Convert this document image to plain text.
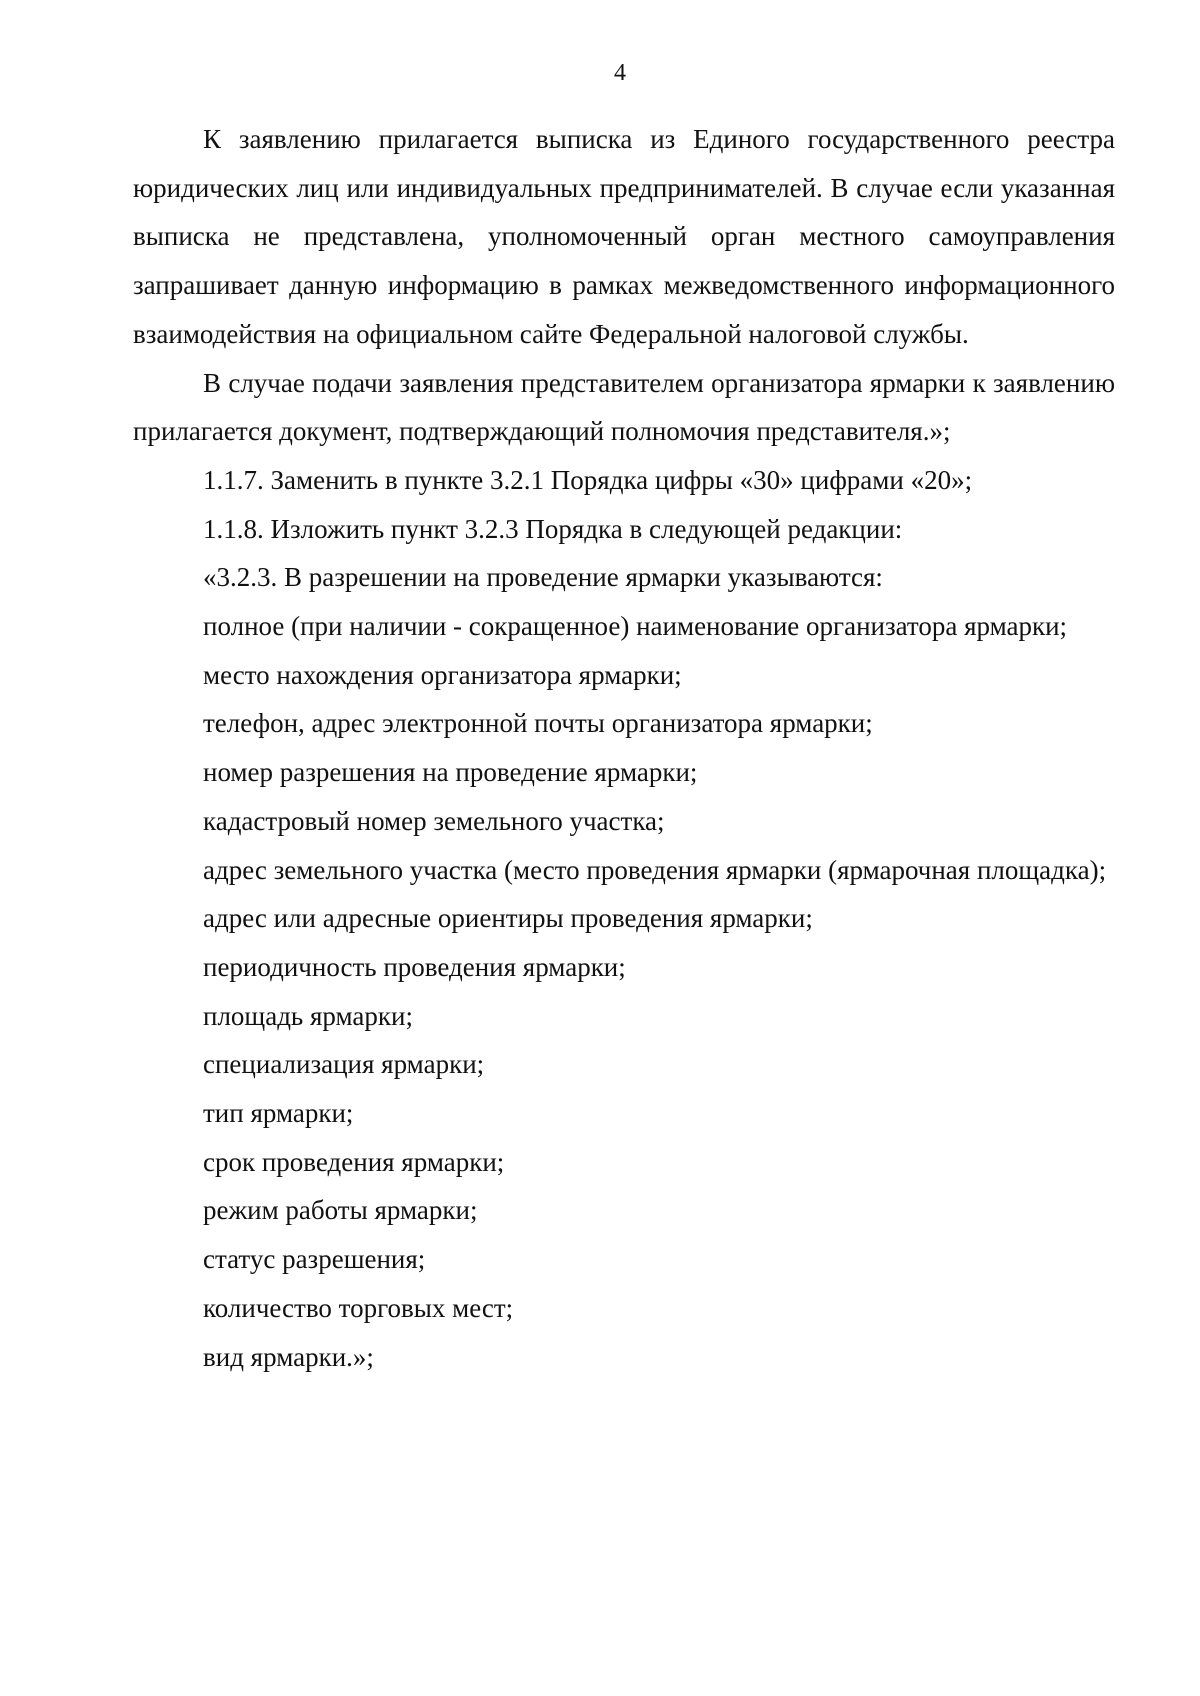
4

К заявлению прилагается выписка из Единого государственного реестра юридических лиц или индивидуальных предпринимателей. В случае если указанная выписка не представлена, уполномоченный орган местного самоуправления запрашивает данную информацию в рамках межведомственного информационного взаимодействия на официальном сайте Федеральной налоговой службы.

В случае подачи заявления представителем организатора ярмарки к заявлению прилагается документ, подтверждающий полномочия представителя.»;

1.1.7. Заменить в пункте 3.2.1 Порядка цифры «30» цифрами «20»;

1.1.8. Изложить пункт 3.2.3 Порядка в следующей редакции:

«3.2.3. В разрешении на проведение ярмарки указываются:

полное (при наличии - сокращенное) наименование организатора ярмарки;

место нахождения организатора ярмарки;

телефон, адрес электронной почты организатора ярмарки;

номер разрешения на проведение ярмарки;

кадастровый номер земельного участка;

адрес земельного участка (место проведения ярмарки (ярмарочная площадка);

адрес или адресные ориентиры проведения ярмарки;

периодичность проведения ярмарки;

площадь ярмарки;

специализация ярмарки;

тип ярмарки;

срок проведения ярмарки;

режим работы ярмарки;

статус разрешения;

количество торговых мест;

вид ярмарки.»;
